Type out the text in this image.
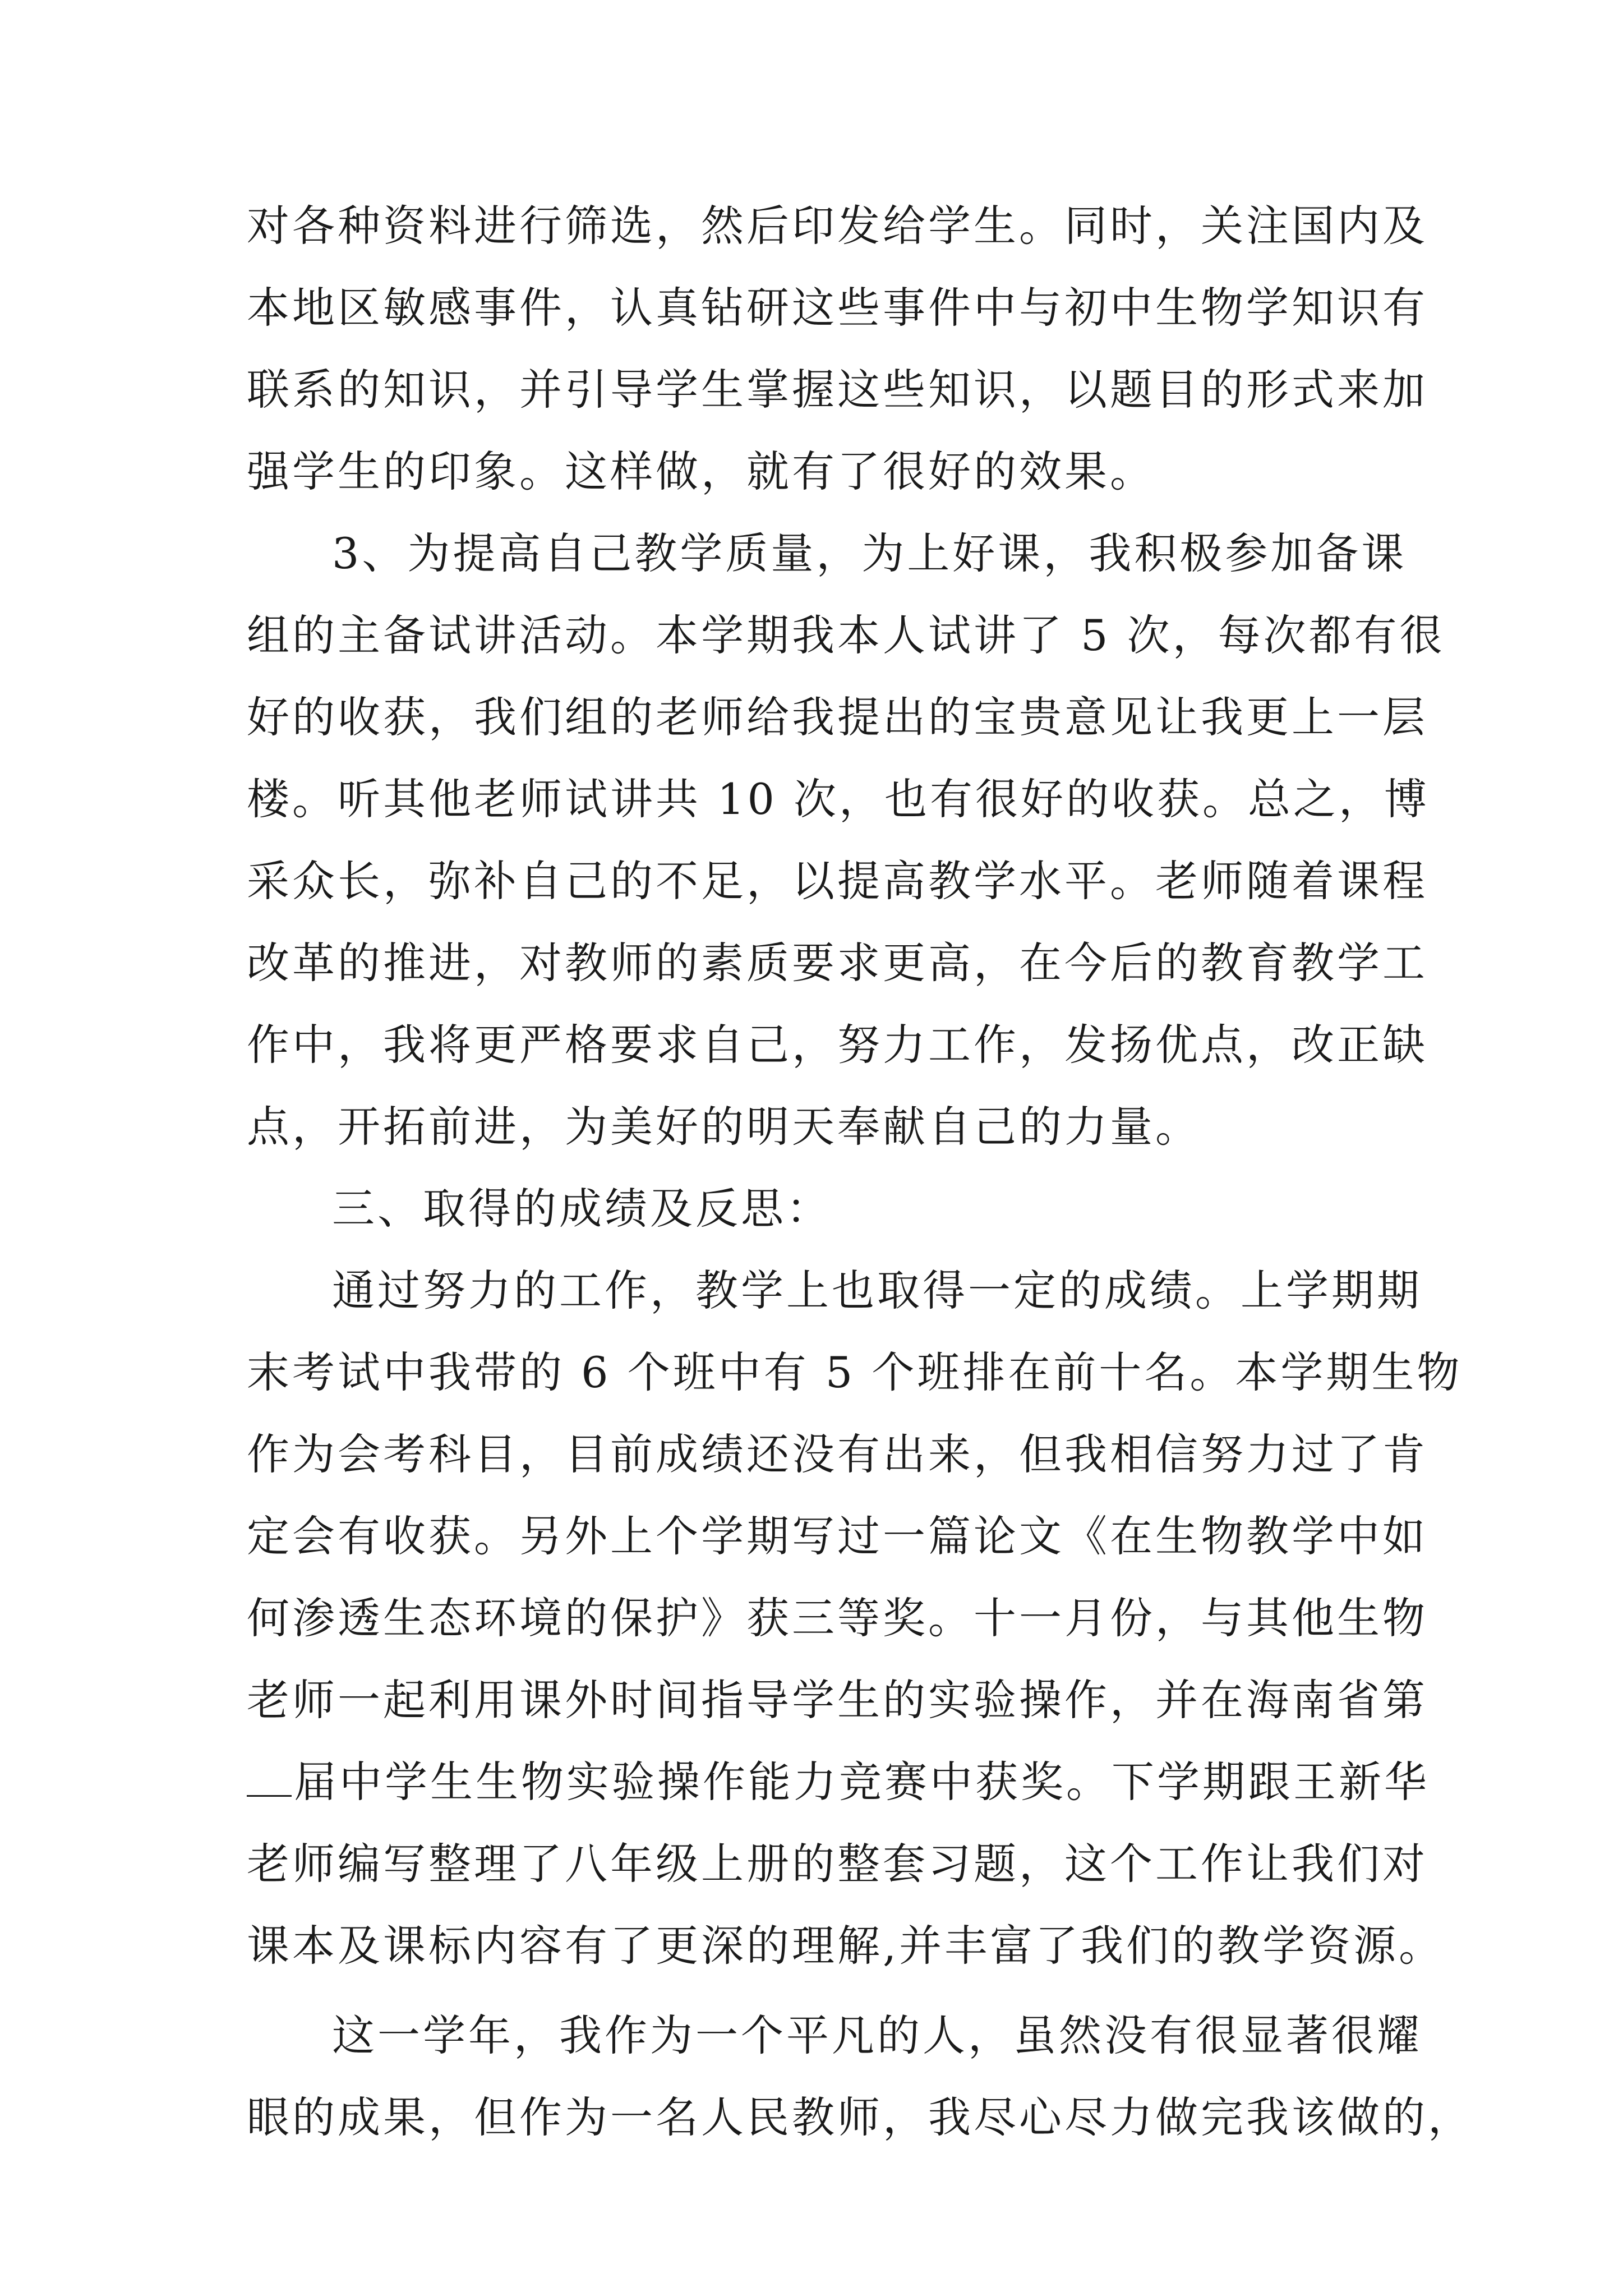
对各种资料进行筛选，然后印发给学生。同时，关注国内及
本地区敏感事件，认真钻研这些事件中与初中生物学知识有
联系的知识，并引导学生掌握这些知识，以题目的形式来加
强学生的印象。这样做，就有了很好的效果。
3、为提高自己教学质量，为上好课，我积极参加备课
组的主备试讲活动。本学期我本人试讲了 5 次，每次都有很
好的收获，我们组的老师给我提出的宝贵意见让我更上一层
楼。听其他老师试讲共 10 次，也有很好的收获。总之，博
采众长，弥补自己的不足，以提高教学水平。老师随着课程
改革的推进，对教师的素质要求更高，在今后的教育教学工
作中，我将更严格要求自己，努力工作，发扬优点，改正缺
点，开拓前进，为美好的明天奉献自己的力量。
三、取得的成绩及反思：
通过努力的工作，教学上也取得一定的成绩。上学期期
末考试中我带的 6 个班中有 5 个班排在前十名。本学期生物
作为会考科目，目前成绩还没有出来，但我相信努力过了肯
定会有收获。另外上个学期写过一篇论文《在生物教学中如
何渗透生态环境的保护》获三等奖。十一月份，与其他生物
老师一起利用课外时间指导学生的实验操作，并在海南省第
届中学生生物实验操作能力竞赛中获奖。下学期跟王新华
老师编写整理了八年级上册的整套习题，这个工作让我们对
课本及课标内容有了更深的理解,并丰富了我们的教学资源。
这一学年，我作为一个平凡的人，虽然没有很显著很耀
眼的成果，但作为一名人民教师，我尽心尽力做完我该做的，
